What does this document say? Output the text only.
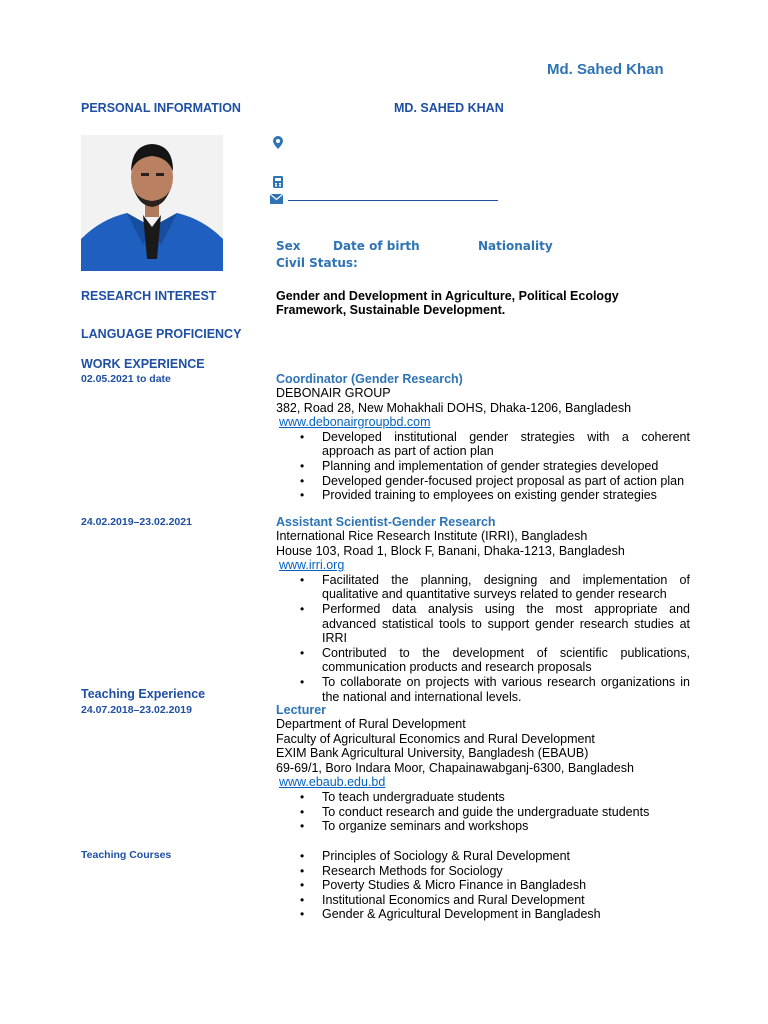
Md. Sahed Khan
PERSONAL INFORMATION	MD. SAHED KHAN
Sex	Date of birth	Nationality
Civil Status:
RESEARCH INTEREST	Gender and Development in Agriculture, Political Ecology Framework, Sustainable Development.
LANGUAGE PROFICIENCY
WORK EXPERIENCE
02.05.2021 to date	Coordinator (Gender Research)
DEBONAIR GROUP
382, Road 28, New Mohakhali DOHS, Dhaka-1206, Bangladesh
www.debonairgroupbd.com
• Developed institutional gender strategies with a coherent approach as part of action plan
• Planning and implementation of gender strategies developed
• Developed gender-focused project proposal as part of action plan
• Provided training to employees on existing gender strategies
24.02.2019–23.02.2021	Assistant Scientist-Gender Research
International Rice Research Institute (IRRI), Bangladesh
House 103, Road 1, Block F, Banani, Dhaka-1213, Bangladesh
www.irri.org
• Facilitated the planning, designing and implementation of qualitative and quantitative surveys related to gender research
• Performed data analysis using the most appropriate and advanced statistical tools to support gender research studies at IRRI
• Contributed to the development of scientific publications, communication products and research proposals
• To collaborate on projects with various research organizations in the national and international levels.
Teaching Experience
24.07.2018–23.02.2019	Lecturer
Department of Rural Development
Faculty of Agricultural Economics and Rural Development
EXIM Bank Agricultural University, Bangladesh (EBAUB)
69-69/1, Boro Indara Moor, Chapainawabganj-6300, Bangladesh
www.ebaub.edu.bd
• To teach undergraduate students
• To conduct research and guide the undergraduate students
• To organize seminars and workshops
Teaching Courses
•	Principles of Sociology & Rural Development
• Research Methods for Sociology
• Poverty Studies & Micro Finance in Bangladesh
• Institutional Economics and Rural Development
• Gender & Agricultural Development in Bangladesh
